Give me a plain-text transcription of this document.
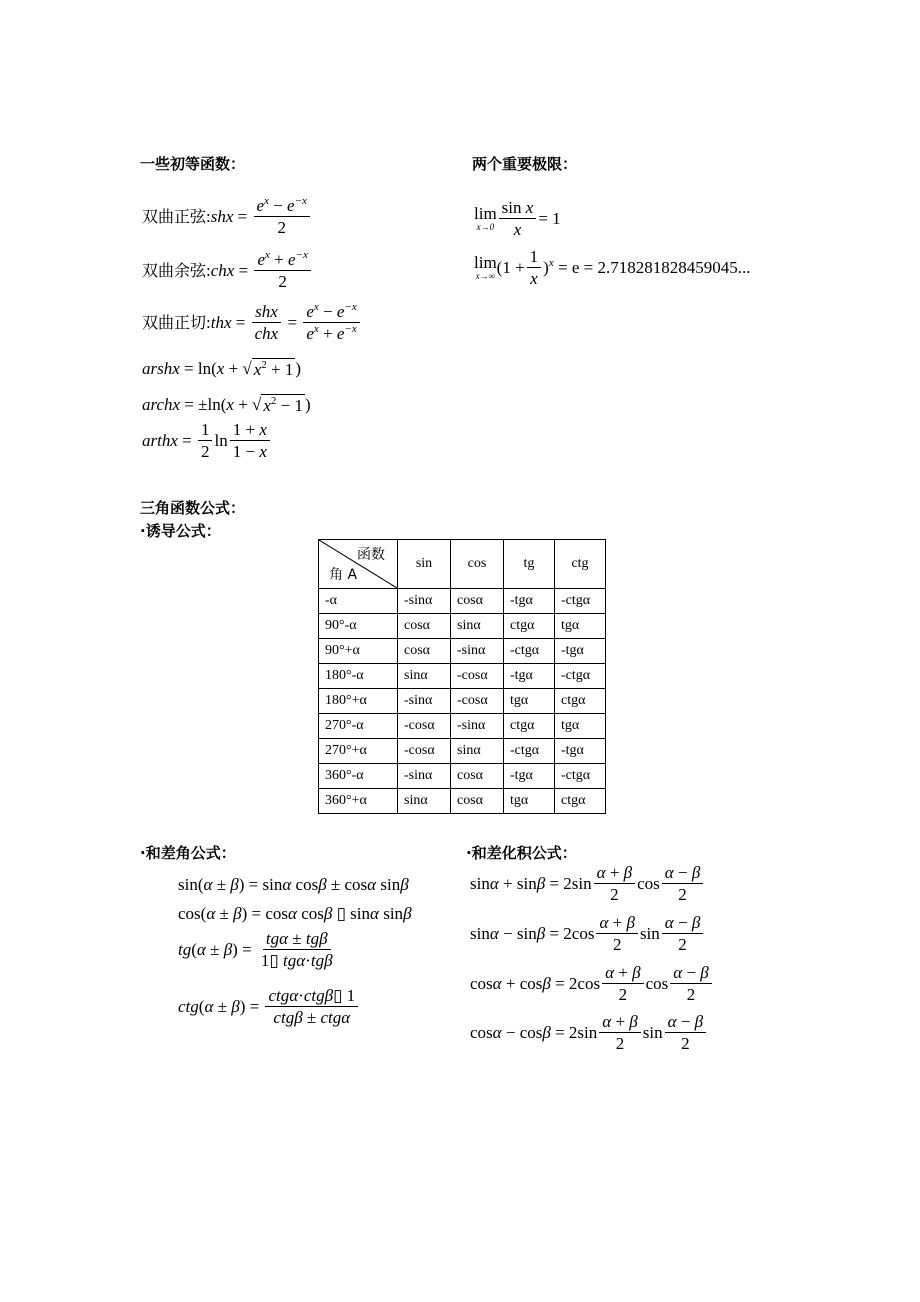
一些初等函数：	两个重要极限：
双曲正弦 : shx = $\frac{e^x - e^{-x}}{2}$
双曲余弦 : chx = $\frac{e^x + e^{-x}}{2}$
双曲正切 : thx = $\frac{\text{shx}}{\text{chx}} = \frac{e^x - e^{-x}}{e^x + e^{-x}}$
arshx = ln( x + √ $x^2 + 1$ )
archx = ±ln( x + √ $x^2 - 1$ )
arthx = $\frac{1}{2}$ $\ln \frac{1 + x}{1 - x}$
lim
$x\to 0 \frac{\text{sin x}}{x} = 1$
lim
x→∞ $(1 + \frac{1}{x} )^x = e = 2.718281828459045$...
三角函数公式：
·诱导公式：
函数
角 A	sin	cos	tg	ctg
-α	-sinα	cosα	-tgα	-ctgα
90°-α	cosα	sinα	ctgα	tgα
90°+α	cosα	-sinα	-ctgα	-tgα
180°-α	sinα	-cosα	-tgα	-ctgα
180°+α	-sinα	-cosα	tgα	ctgα
270°-α	-cosα	-sinα	ctgα	tgα
270°+α	-cosα	sinα	-ctgα	-tgα
360°-α	-sinα	cosα	-tgα	-ctgα
360°+α	sinα	cosα	tgα	ctgα
·和差角公式：	·和差化积公式：
sin( α ± β ) = sin α cos β ± cos α sin β
cos( α ± β ) = cos α cos β ▯ sin α sin β
tg ( α ± β ) = $\frac{\text{tgα ± tgβ}}{\text{1▯ tgα·tgβ}}$
ctg ( α ± β ) = $\frac{\text{ctgα·ctgβ▯ 1}}{\text{ctgβ ± ctgα}}$
$\sin \alpha + \sin \beta = 2\sin \frac{\alpha + \beta}{2}$ $\cos \frac{\alpha - \beta}{2}$
$\sin \alpha - \sin \beta = 2\cos \frac{\alpha + \beta}{2}$ $\sin \frac{\alpha - \beta}{2}$
$\cos \alpha + \cos \beta = 2\cos \frac{\alpha + \beta}{2}$ $\cos \frac{\alpha - \beta}{2}$
$\cos \alpha - \cos \beta = 2\sin \frac{\alpha + \beta}{2}$ $\sin \frac{\alpha - \beta}{2}$
